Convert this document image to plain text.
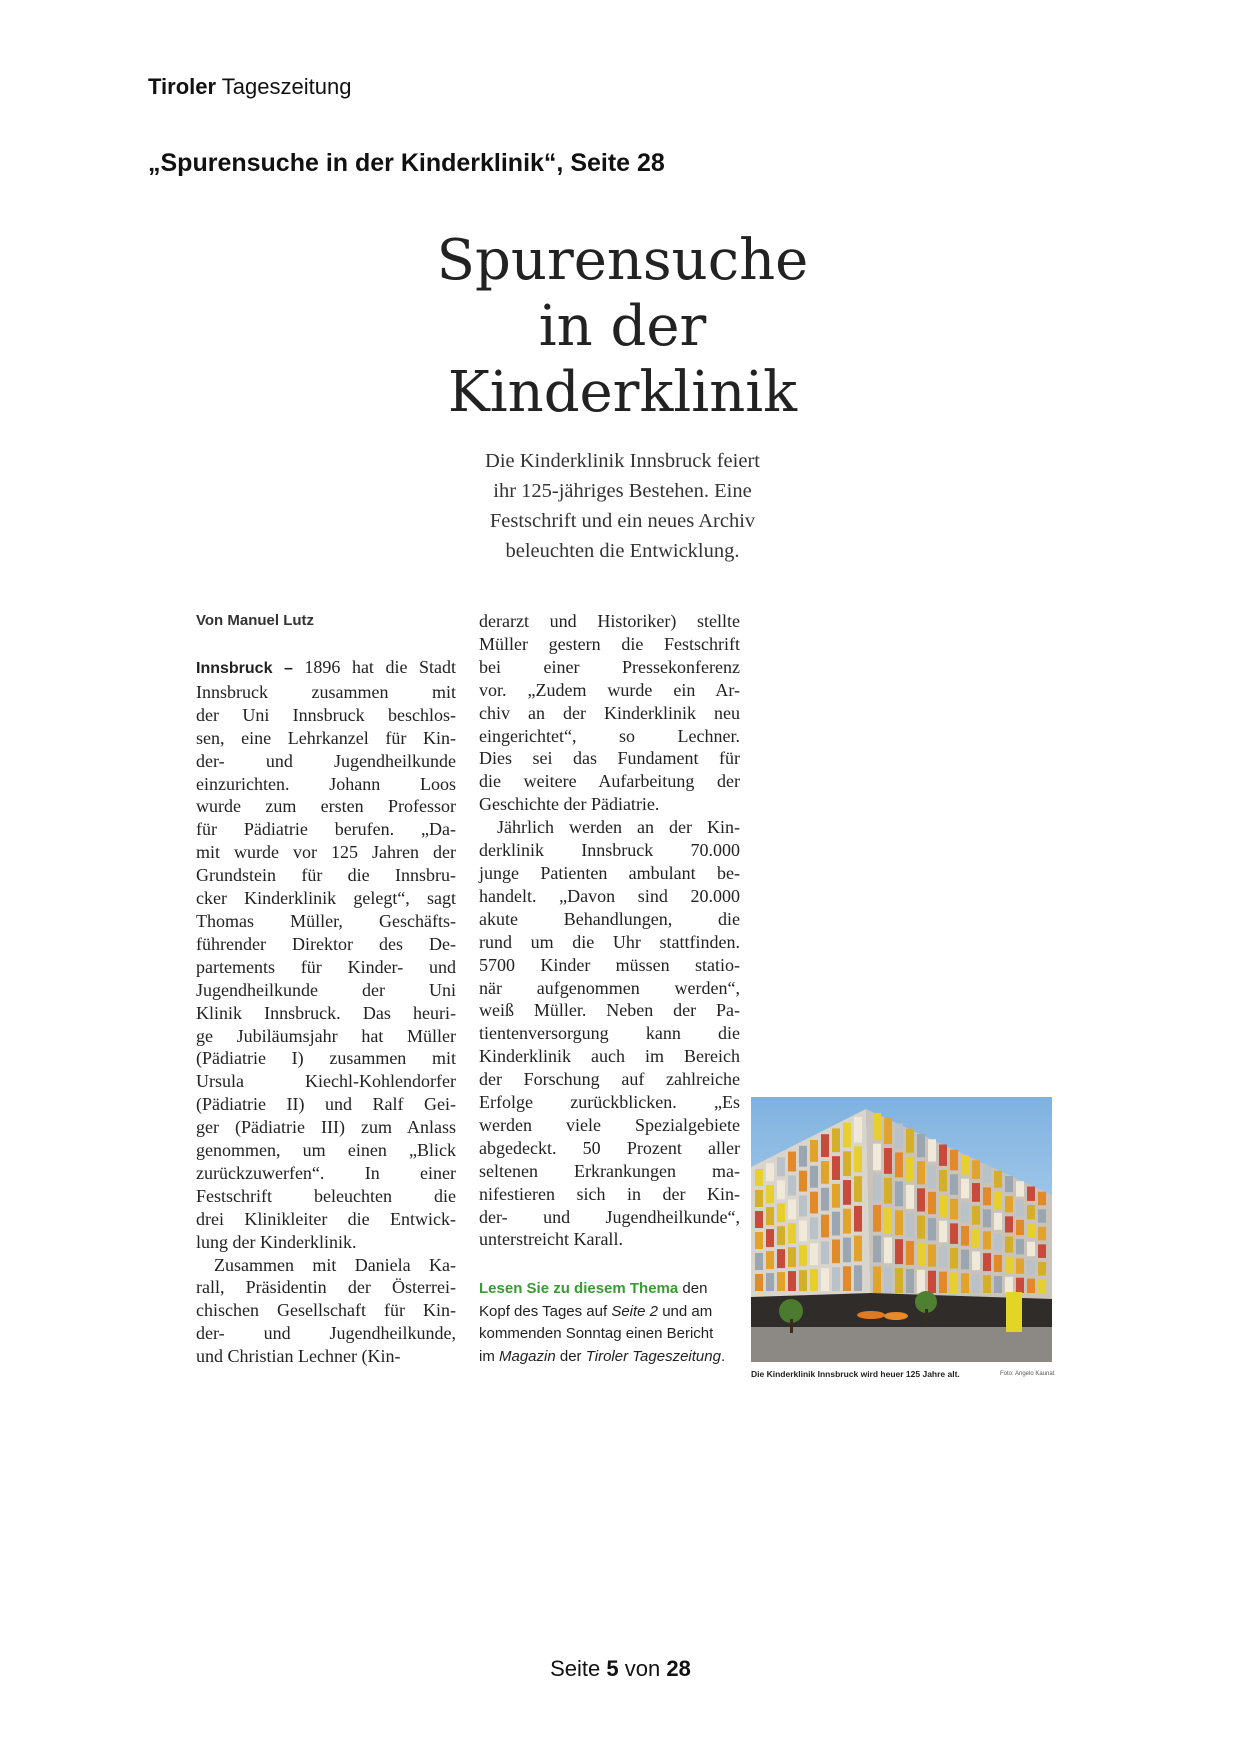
Tiroler Tageszeitung
„Spurensuche in der Kinderklinik“, Seite 28
Spurensuche
in der
Kinderklinik
Die Kinderklinik Innsbruck feiert
ihr 125-jähriges Bestehen. Eine
Festschrift und ein neues Archiv
beleuchten die Entwicklung.
Von Manuel Lutz
Innsbruck – 1896 hat die Stadt
Innsbruck zusammen mit
der Uni Innsbruck beschlos-
sen, eine Lehrkanzel für Kin-
der- und Jugendheilkunde
einzurichten. Johann Loos
wurde zum ersten Professor
für Pädiatrie berufen. „Da-
mit wurde vor 125 Jahren der
Grundstein für die Innsbru-
cker Kinderklinik gelegt“, sagt
Thomas Müller, Geschäfts-
führender Direktor des De-
partements für Kinder- und
Jugendheilkunde der Uni
Klinik Innsbruck. Das heuri-
ge Jubiläumsjahr hat Müller
(Pädiatrie I) zusammen mit
Ursula Kiechl-Kohlendorfer
(Pädiatrie II) und Ralf Gei-
ger (Pädiatrie III) zum Anlass
genommen, um einen „Blick
zurückzuwerfen“. In einer
Festschrift beleuchten die
drei Klinikleiter die Entwick-
lung der Kinderklinik.
Zusammen mit Daniela Ka-
rall, Präsidentin der Österrei-
chischen Gesellschaft für Kin-
der- und Jugendheilkunde,
und Christian Lechner (Kin-
derarzt und Historiker) stellte
Müller gestern die Festschrift
bei einer Pressekonferenz
vor. „Zudem wurde ein Ar-
chiv an der Kinderklinik neu
eingerichtet“, so Lechner.
Dies sei das Fundament für
die weitere Aufarbeitung der
Geschichte der Pädiatrie.
Jährlich werden an der Kin-
derklinik Innsbruck 70.000
junge Patienten ambulant be-
handelt. „Davon sind 20.000
akute Behandlungen, die
rund um die Uhr stattfinden.
5700 Kinder müssen statio-
när aufgenommen werden“,
weiß Müller. Neben der Pa-
tientenversorgung kann die
Kinderklinik auch im Bereich
der Forschung auf zahlreiche
Erfolge zurückblicken. „Es
werden viele Spezialgebiete
abgedeckt. 50 Prozent aller
seltenen Erkrankungen ma-
nifestieren sich in der Kin-
der- und Jugendheilkunde“,
unterstreicht Karall.
Lesen Sie zu diesem Thema den
Kopf des Tages auf Seite 2 und am
kommenden Sonntag einen Bericht
im Magazin der Tiroler Tageszeitung.
Die Kinderklinik Innsbruck wird heuer 125 Jahre alt.	Foto: Angelo Kaunat
Seite 5 von 28
